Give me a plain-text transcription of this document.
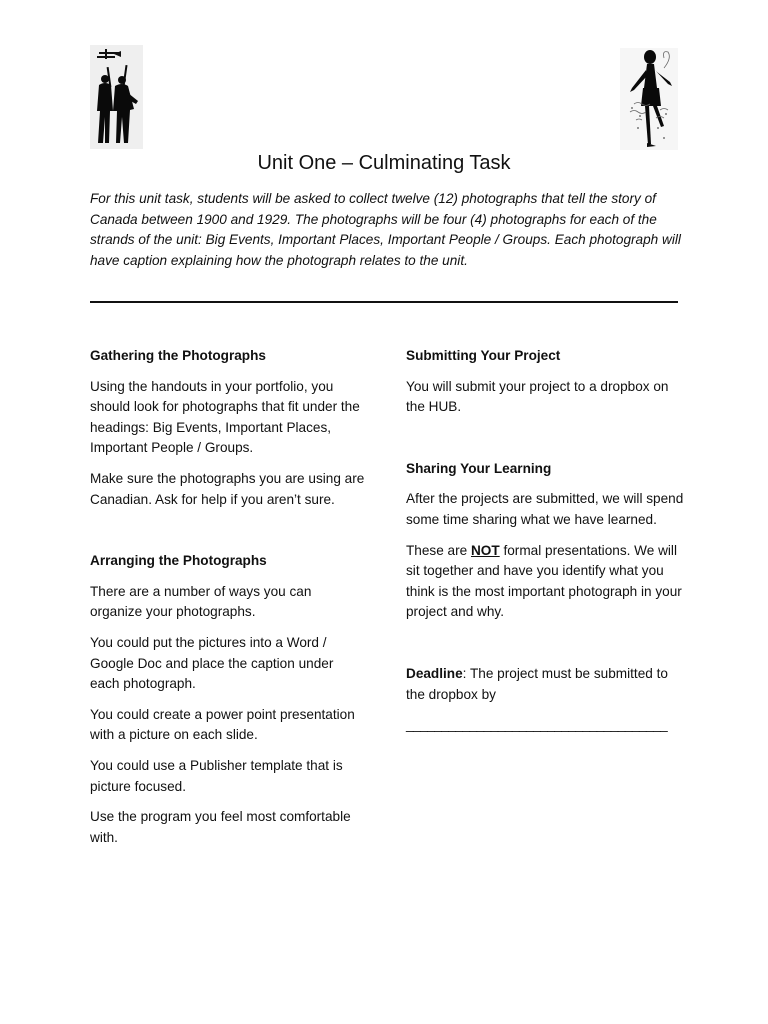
Unit One – Culminating Task

For this unit task, students will be asked to collect twelve (12) photographs that tell the story of Canada between 1900 and 1929. The photographs will be four (4) photographs for each of the strands of the unit: Big Events, Important Places, Important People / Groups. Each photograph will have caption explaining how the photograph relates to the unit.

Gathering the Photographs

Using the handouts in your portfolio, you should look for photographs that fit under the headings: Big Events, Important Places, Important People / Groups.

Make sure the photographs you are using are Canadian. Ask for help if you aren’t sure.

Arranging the Photographs

There are a number of ways you can organize your photographs.

You could put the pictures into a Word / Google Doc and place the caption under each photograph.

You could create a power point presentation with a picture on each slide.

You could use a Publisher template that is picture focused.

Use the program you feel most comfortable with.

Submitting Your Project

You will submit your project to a dropbox on the HUB.

Sharing Your Learning

After the projects are submitted, we will spend some time sharing what we have learned.

These are NOT formal presentations. We will sit together and have you identify what you think is the most important photograph in your project and why.

Deadline: The project must be submitted to the dropbox by

_____________________________________
